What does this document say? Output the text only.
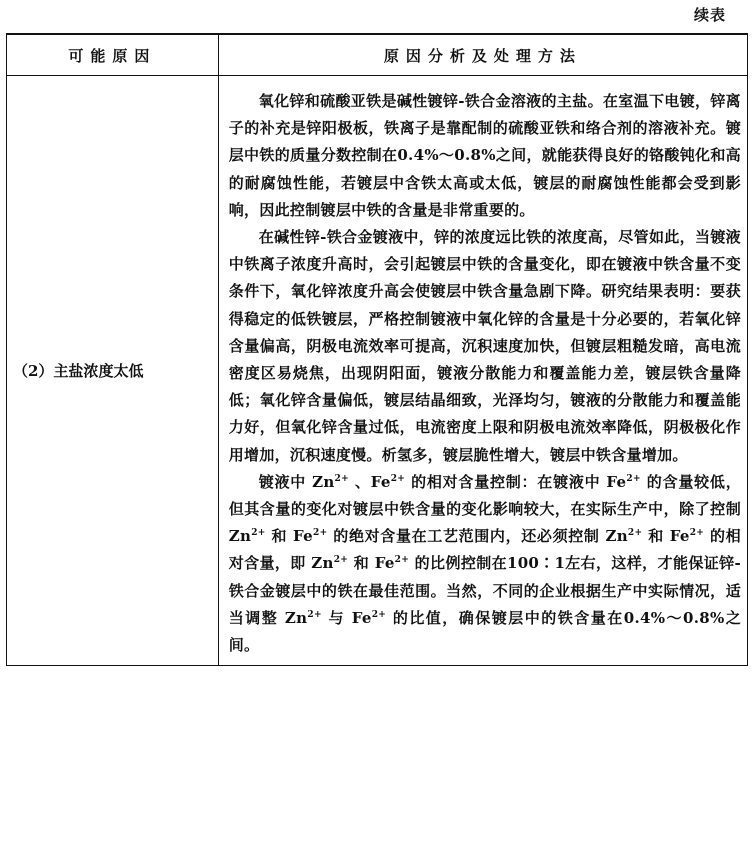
续表
可能原因	原因分析及处理方法
（2）主盐浓度太低	氧化锌和硫酸亚铁是碱性镀锌-铁合金溶液的主盐。在室温下电镀，锌离子的补充是锌阳极板，铁离子是靠配制的硫酸亚铁和络合剂的溶液补充。镀层中铁的质量分数控制在0.4%～0.8%之间，就能获得良好的铬酸钝化和高的耐腐蚀性能，若镀层中含铁太高或太低，镀层的耐腐蚀性能都会受到影响，因此控制镀层中铁的含量是非常重要的。

在碱性锌-铁合金镀液中，锌的浓度远比铁的浓度高，尽管如此，当镀液中铁离子浓度升高时，会引起镀层中铁的含量变化，即在镀液中铁含量不变条件下，氧化锌浓度升高会使镀层中铁含量急剧下降。研究结果表明：要获得稳定的低铁镀层，严格控制镀液中氧化锌的含量是十分必要的，若氧化锌含量偏高，阴极电流效率可提高，沉积速度加快，但镀层粗糙发暗，高电流密度区易烧焦，出现阴阳面，镀液分散能力和覆盖能力差，镀层铁含量降低；氧化锌含量偏低，镀层结晶细致，光泽均匀，镀液的分散能力和覆盖能力好，但氧化锌含量过低，电流密度上限和阴极电流效率降低，阴极极化作用增加，沉积速度慢。析氢多，镀层脆性增大，镀层中铁含量增加。

镀液中 $Zn^{2+}$ 、$Fe^{2+}$ 的相对含量控制：在镀液中 $Fe^{2+}$ 的含量较低，但其含量的变化对镀层中铁含量的变化影响较大，在实际生产中，除了控制 $Zn^{2+}$ 和 $Fe^{2+}$ 的绝对含量在工艺范围内，还必须控制 $Zn^{2+}$ 和 $Fe^{2+}$ 的相对含量，即 $Zn^{2+}$ 和 $Fe^{2+}$ 的比例控制在100∶1左右，这样，才能保证锌-铁合金镀层中的铁在最佳范围。当然，不同的企业根据生产中实际情况，适当调整 $Zn^{2+}$ 与 $Fe^{2+}$ 的比值，确保镀层中的铁含量在0.4%～0.8%之间。
